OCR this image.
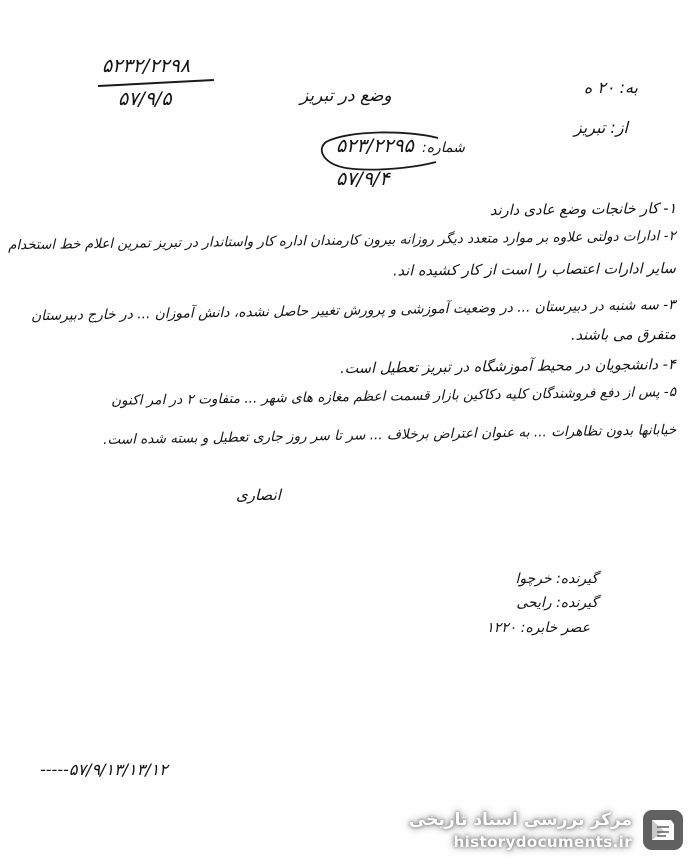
۵۲۳۲/۲۲۹۸
۵۷/۹/۵	وضع در تبریز	به: ۲۰ ه
از: تبریز
شماره:
۵۲۳/۲۲۹۵
۵۷/۹/۴
۱- کار خانجات وضع عادی دارند
۲- ادارات دولتی علاوه بر موارد متعدد دیگر روزانه بیرون کارمندان اداره کار واستاندار در تبریز تمرین اعلام خط استخدام
سایر ادارات اعتصاب را است از کار کشیده اند.
۳- سه شنبه در دبیرستان ... در وضعیت آموزشی و پرورش تغییر حاصل نشده، دانش آموزان ... در خارج دبیرستان
متفرق می باشند.
۴- دانشجویان در محیط آموزشگاه در تبریز تعطیل است.
۵- پس از دفع فروشندگان کلیه دکاکین بازار قسمت اعظم مغازه های شهر ... متفاوت ۲ در امر اکنون
خیابانها بدون تظاهرات ... به عنوان اعتراض برخلاف ... سر تا سر روز جاری تعطیل و بسته شده است.
انصاری
گیرنده: خرچوا
گیرنده: رایحی
عصر خابره: ۱۲۲۰
-----۵۷/۹/۱۳/۱۳/۱۲
مرکز بررسی اسناد تاریخی
historydocuments.ir
